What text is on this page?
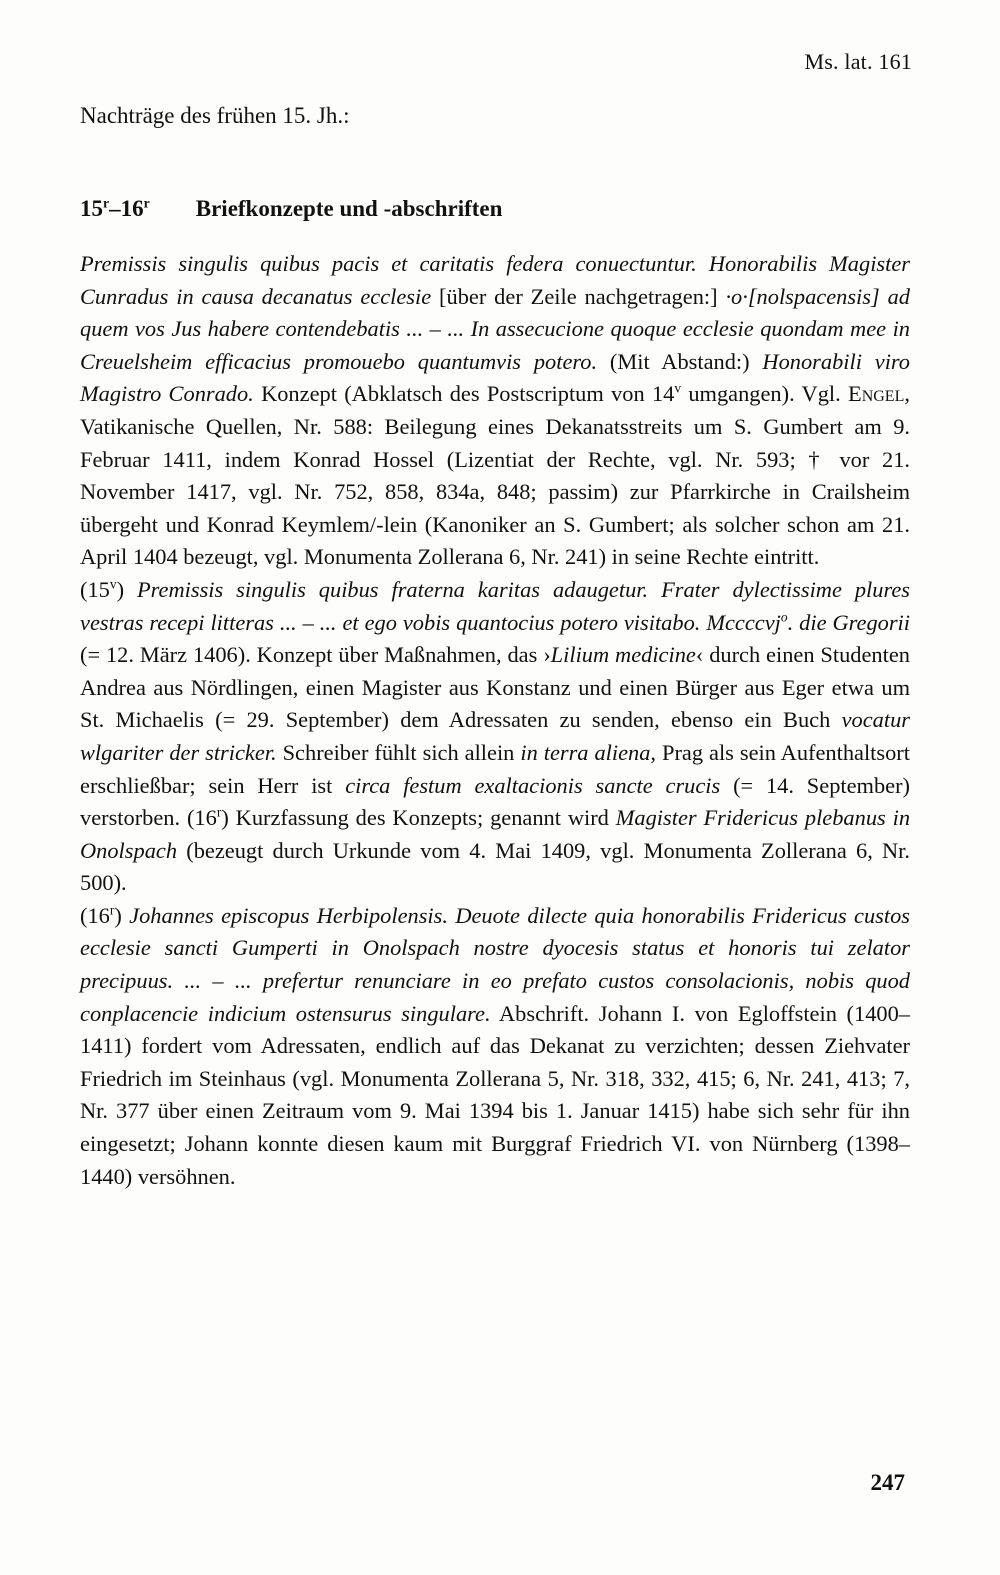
Ms. lat. 161
Nachträge des frühen 15. Jh.:
15$^r$–16$^r$ Briefkonzepte und -abschriften

Premissis singulis quibus pacis et caritatis federa conuectuntur. Honorabilis Magister Cunradus in causa decanatus ecclesie [über der Zeile nachgetragen:] ·o·[nolspacensis] ad quem vos Jus habere contendebatis ... – ... In assecucione quoque ecclesie quondam mee in Creuelsheim efficacius promouebo quantumvis potero. (Mit Abstand:) Honorabili viro Magistro Conrado. Konzept (Abklatsch des Postscriptum von 14$^v$ umgangen). Vgl. Engel, Vatikanische Quellen, Nr. 588: Beilegung eines Dekanatsstreits um S. Gumbert am 9. Februar 1411, indem Konrad Hossel (Lizentiat der Rechte, vgl. Nr. 593; † vor 21. November 1417, vgl. Nr. 752, 858, 834a, 848; passim) zur Pfarrkirche in Crailsheim übergeht und Konrad Keymlem/-lein (Kanoniker an S. Gumbert; als solcher schon am 21. April 1404 bezeugt, vgl. Monumenta Zollerana 6, Nr. 241) in seine Rechte eintritt.

(15$^v$) Premissis singulis quibus fraterna karitas adaugetur. Frater dylectissime plures vestras recepi litteras ... – ... et ego vobis quantocius potero visitabo. Mccccvj$^o$. die Gregorii (= 12. März 1406). Konzept über Maßnahmen, das ›Lilium medicine‹ durch einen Studenten Andrea aus Nördlingen, einen Magister aus Konstanz und einen Bürger aus Eger etwa um St. Michaelis (= 29. September) dem Adressaten zu senden, ebenso ein Buch vocatur wlgariter der stricker. Schreiber fühlt sich allein in terra aliena, Prag als sein Aufenthaltsort erschließbar; sein Herr ist circa festum exaltacionis sancte crucis (= 14. September) verstorben. (16$^r$) Kurzfassung des Konzepts; genannt wird Magister Fridericus plebanus in Onolspach (bezeugt durch Urkunde vom 4. Mai 1409, vgl. Monumenta Zollerana 6, Nr. 500).

(16$^r$) Johannes episcopus Herbipolensis. Deuote dilecte quia honorabilis Fridericus custos ecclesie sancti Gumperti in Onolspach nostre dyocesis status et honoris tui zelator precipuus. ... – ... prefertur renunciare in eo prefato custos consolacionis, nobis quod conplacencie indicium ostensurus singulare. Abschrift. Johann I. von Egloffstein (1400–1411) fordert vom Adressaten, endlich auf das Dekanat zu verzichten; dessen Ziehvater Friedrich im Steinhaus (vgl. Monumenta Zollerana 5, Nr. 318, 332, 415; 6, Nr. 241, 413; 7, Nr. 377 über einen Zeitraum vom 9. Mai 1394 bis 1. Januar 1415) habe sich sehr für ihn eingesetzt; Johann konnte diesen kaum mit Burggraf Friedrich VI. von Nürnberg (1398–1440) versöhnen.

247
